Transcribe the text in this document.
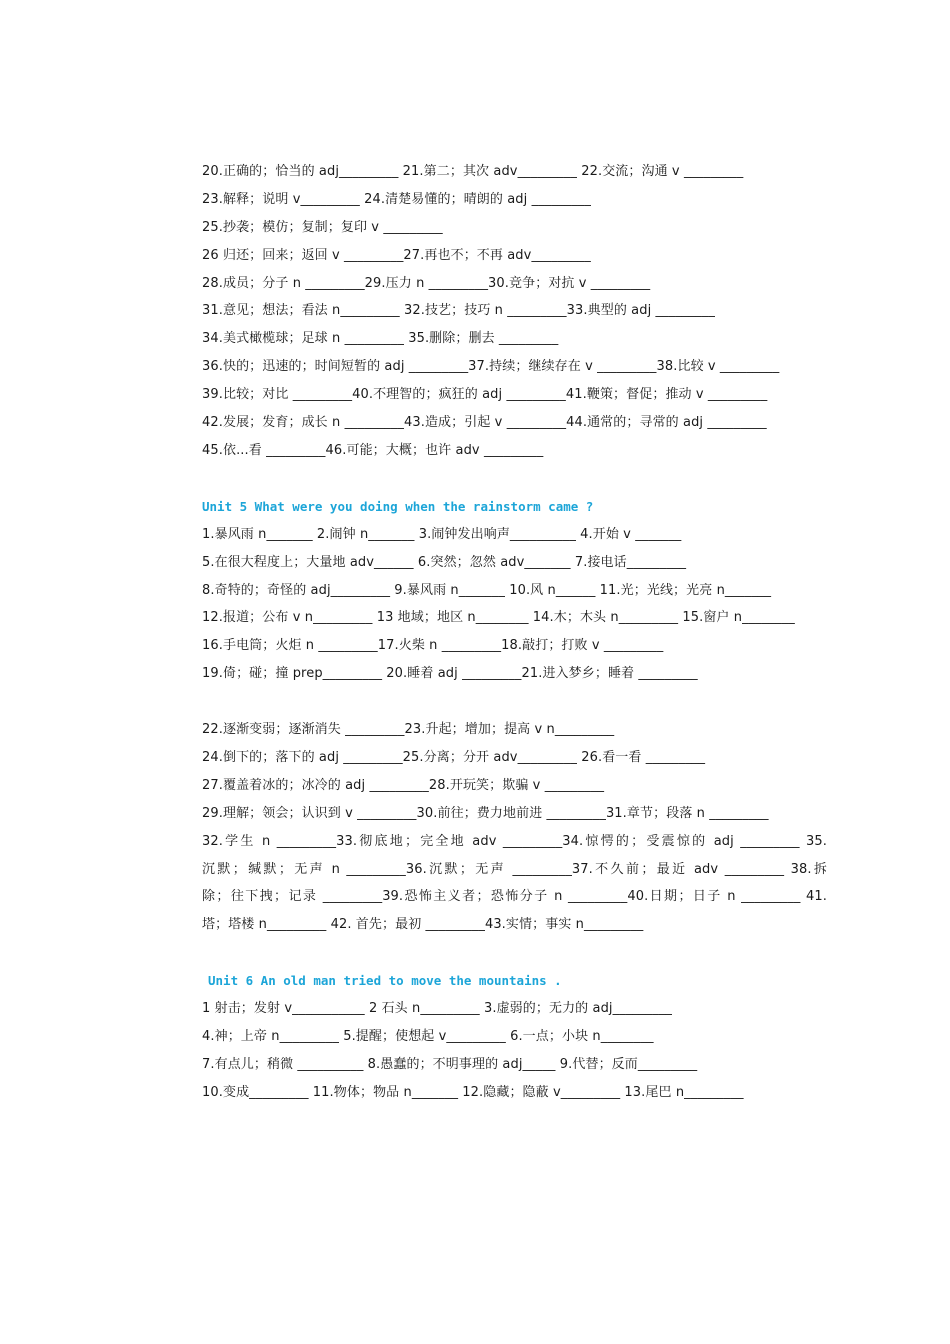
20.正确的；恰当的 adj_________ 21.第二；其次 adv_________ 22.交流；沟通 v _________
23.解释；说明 v_________ 24.清楚易懂的；晴朗的 adj _________
25.抄袭；模仿；复制；复印 v _________
26 归还；回来；返回 v _________27.再也不；不再 adv_________
28.成员；分子 n _________29.压力 n _________30.竞争；对抗 v _________
31.意见；想法；看法 n_________ 32.技艺；技巧 n _________33.典型的 adj _________
34.美式橄榄球；足球 n _________ 35.删除；删去 _________
36.快的；迅速的；时间短暂的 adj _________37.持续；继续存在 v _________38.比较 v _________
39.比较；对比 _________40.不理智的；疯狂的 adj _________41.鞭策；督促；推动 v _________
42.发展；发育；成长 n _________43.造成；引起 v _________44.通常的；寻常的 adj _________
45.依...看 _________46.可能；大概；也许 adv _________
Unit 5 What were you doing when the rainstorm came ?
1.暴风雨 n_______ 2.闹钟 n_______ 3.闹钟发出响声__________ 4.开始 v _______
5.在很大程度上；大量地 adv______ 6.突然；忽然 adv_______ 7.接电话_________
8.奇特的；奇怪的 adj_________ 9.暴风雨 n_______ 10.风 n______ 11.光；光线；光亮 n_______
12.报道；公布 v n_________ 13 地域；地区 n________ 14.木；木头 n_________ 15.窗户 n________
16.手电筒；火炬 n _________17.火柴 n _________18.敲打；打败 v _________
19.倚；碰；撞 prep_________ 20.睡着 adj _________21.进入梦乡；睡着 _________
22.逐渐变弱；逐渐消失 _________23.升起；增加；提高 v n_________
24.倒下的；落下的 adj _________25.分离；分开 adv_________ 26.看一看 _________
27.覆盖着冰的；冰冷的 adj _________28.开玩笑；欺骗 v _________
29.理解；领会；认识到 v _________30.前往；费力地前进 _________31.章节；段落 n _________
32.学生 n _________33.彻底地；完全地 adv _________34.惊愕的；受震惊的 adj _________ 35.
沉默；缄默；无声 n _________36.沉默；无声 _________37.不久前；最近 adv _________ 38.拆
除；往下拽；记录 _________39.恐怖主义者；恐怖分子 n _________40.日期；日子 n _________ 41.
塔；塔楼 n_________ 42. 首先；最初 _________43.实情；事实 n_________
Unit 6 An old man tried to move the mountains .
1 射击；发射 v___________ 2 石头 n_________ 3.虚弱的；无力的 adj_________
4.神；上帝 n_________ 5.提醒；使想起 v_________ 6.一点；小块 n________
7.有点儿；稍微 __________ 8.愚蠢的；不明事理的 adj_____ 9.代替；反而_________
10.变成_________ 11.物体；物品 n_______ 12.隐藏；隐蔽 v_________ 13.尾巴 n_________
